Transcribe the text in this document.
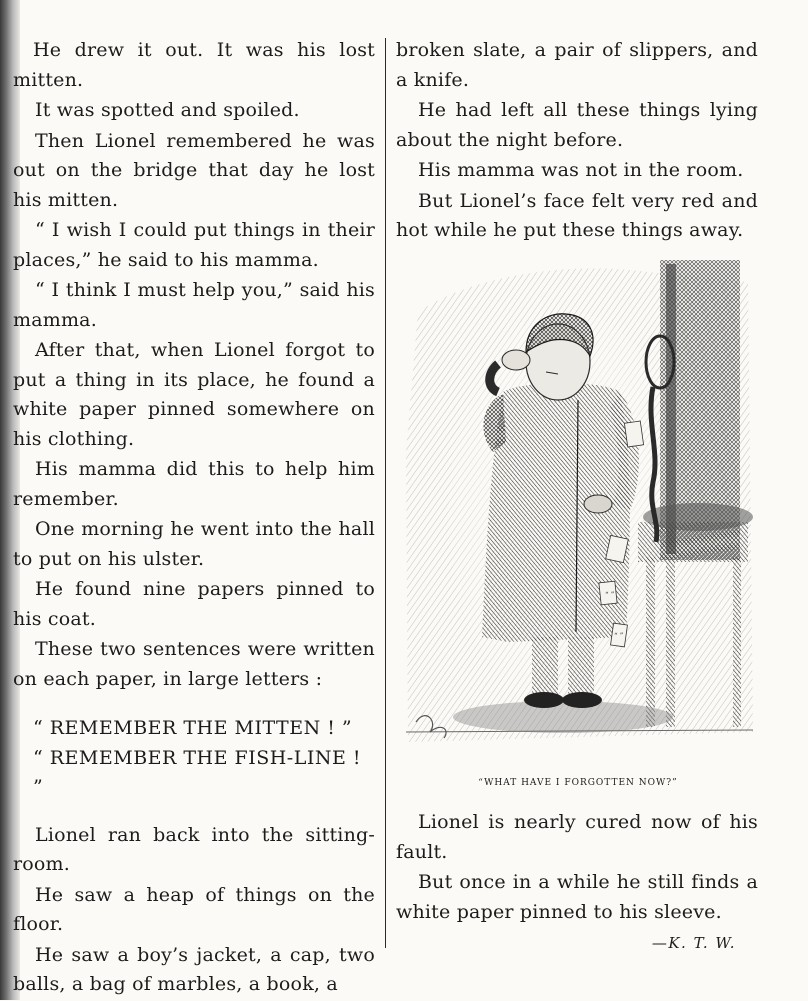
He drew it out. It was his lost mitten.

It was spotted and spoiled.

Then Lionel remembered he was out on the bridge that day he lost his mitten.

“ I wish I could put things in their places,” he said to his mamma.

“ I think I must help you,” said his mamma.

After that, when Lionel forgot to put a thing in its place, he found a white paper pinned somewhere on his clothing.

His mamma did this to help him remember.

One morning he went into the hall to put on his ulster.

He found nine papers pinned to his coat.

These two sentences were written on each paper, in large letters :

“ REMEMBER THE MITTEN ! ”

“ REMEMBER THE FISH-LINE ! ”

Lionel ran back into the sitting-room.

He saw a heap of things on the floor.

He saw a boy’s jacket, a cap, two balls, a bag of marbles, a book, a

broken slate, a pair of slippers, and a knife.

He had left all these things lying about the night before.

His mamma was not in the room.

But Lionel’s face felt very red and hot while he put these things away.

“ ”
“ ”
“WHAT HAVE I FORGOTTEN NOW?”

Lionel is nearly cured now of his fault.

But once in a while he still finds a white paper pinned to his sleeve.

—K. T. W.
